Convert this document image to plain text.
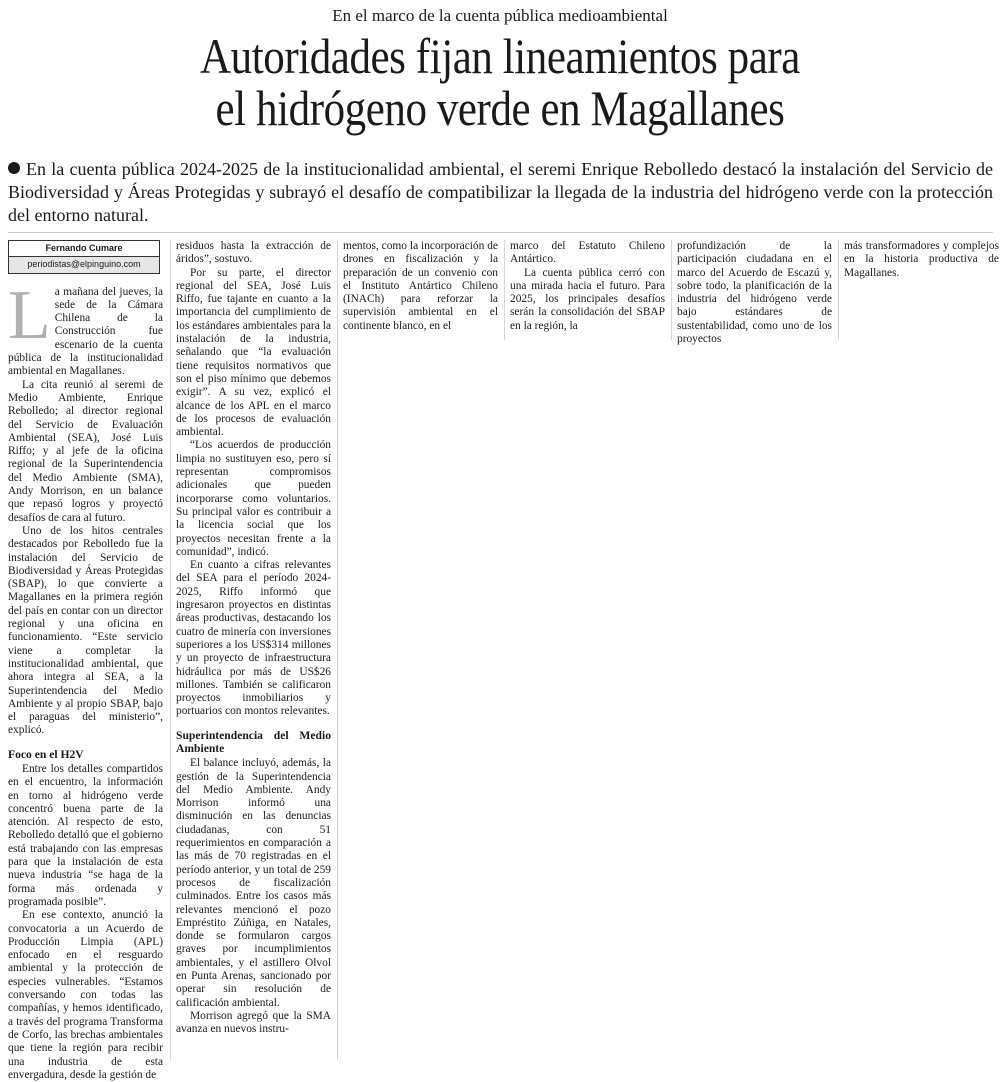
En el marco de la cuenta pública medioambiental
Autoridades fijan lineamientos para
el hidrógeno verde en Magallanes

En la cuenta pública 2024-2025 de la institucionalidad ambiental, el seremi Enrique Rebolledo destacó la instalación del Servicio de Biodiversidad y Áreas Protegidas y subrayó el desafío de compatibilizar la llegada de la industria del hidrógeno verde con la protección del entorno natural.

Fernando Cumare
periodistas@elpinguino.com

La mañana del jueves, la sede de la Cámara Chilena de la Construcción fue escenario de la cuenta pública de la institucionalidad ambiental en Magallanes.

La cita reunió al seremi de Medio Ambiente, Enrique Rebolledo; al director regional del Servicio de Evaluación Ambiental (SEA), José Luis Riffo; y al jefe de la oficina regional de la Superintendencia del Medio Ambiente (SMA), Andy Morrison, en un balance que repasó logros y proyectó desafíos de cara al futuro.

Uno de los hitos centrales destacados por Rebolledo fue la instalación del Servicio de Biodiversidad y Áreas Protegidas (SBAP), lo que convierte a Magallanes en la primera región del país en contar con un director regional y una oficina en funcionamiento. “Este servicio viene a completar la institucionalidad ambiental, que ahora integra al SEA, a la Superintendencia del Medio Ambiente y al propio SBAP, bajo el paraguas del ministerio”, explicó.

Foco en el H2V

Entre los detalles compartidos en el encuentro, la información en torno al hidrógeno verde concentró buena parte de la atención. Al respecto de esto, Rebolledo detalló que el gobierno está trabajando con las empresas para que la instalación de esta nueva industria “se haga de la forma más ordenada y programada posible”.

En ese contexto, anunció la convocatoria a un Acuerdo de Producción Limpia (APL) enfocado en el resguardo ambiental y la protección de especies vulnerables. “Estamos conversando con todas las compañías, y hemos identificado, a través del programa Transforma de Corfo, las brechas ambientales que tiene la región para recibir una industria de esta envergadura, desde la gestión de

residuos hasta la extracción de áridos”, sostuvo.

Por su parte, el director regional del SEA, José Luis Riffo, fue tajante en cuanto a la importancia del cumplimiento de los estándares ambientales para la instalación de la industria, señalando que “la evaluación tiene requisitos normativos que son el piso mínimo que debemos exigir”. A su vez, explicó el alcance de los APL en el marco de los procesos de evaluación ambiental.

“Los acuerdos de producción limpia no sustituyen eso, pero sí representan compromisos adicionales que pueden incorporarse como voluntarios. Su principal valor es contribuir a la licencia social que los proyectos necesitan frente a la comunidad”, indicó.

En cuanto a cifras relevantes del SEA para el período 2024-2025, Riffo informó que ingresaron proyectos en distintas áreas productivas, destacando los cuatro de minería con inversiones superiores a los US$314 millones y un proyecto de infraestructura hidráulica por más de US$26 millones. También se calificaron proyectos inmobiliarios y portuarios con montos relevantes.

Superintendencia del Medio Ambiente

El balance incluyó, además, la gestión de la Superintendencia del Medio Ambiente. Andy Morrison informó una disminución en las denuncias ciudadanas, con 51 requerimientos en comparación a las más de 70 registradas en el período anterior, y un total de 259 procesos de fiscalización culminados. Entre los casos más relevantes mencionó el pozo Empréstito Zúñiga, en Natales, donde se formularon cargos graves por incumplimientos ambientales, y el astillero Olvol en Punta Arenas, sancionado por operar sin resolución de calificación ambiental.

Morrison agregó que la SMA avanza en nuevos instru-

mentos, como la incorporación de drones en fiscalización y la preparación de un convenio con el Instituto Antártico Chileno (INACh) para reforzar la supervisión ambiental en el continente blanco, en el

marco del Estatuto Chileno Antártico.

La cuenta pública cerró con una mirada hacia el futuro. Para 2025, los principales desafíos serán la consolidación del SBAP en la región, la

profundización de la participación ciudadana en el marco del Acuerdo de Escazú y, sobre todo, la planificación de la industria del hidrógeno verde bajo estándares de sustentabilidad, como uno de los proyectos

más transformadores y complejos en la historia productiva de Magallanes.
